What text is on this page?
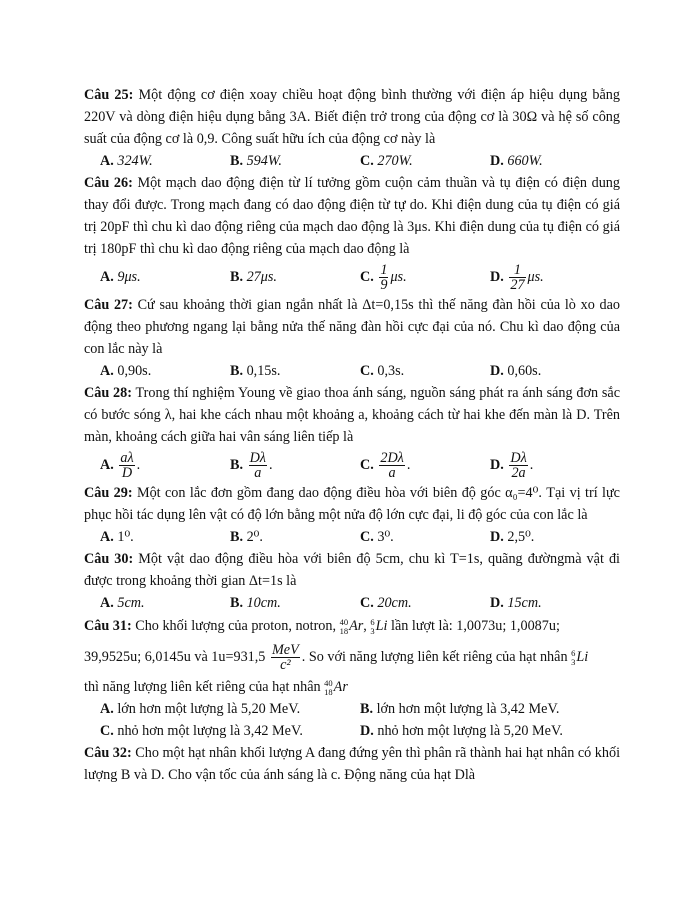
Câu 25: Một động cơ điện xoay chiều hoạt động bình thường với điện áp hiệu dụng bằng 220V và dòng điện hiệu dụng bằng 3A. Biết điện trở trong của động cơ là 30Ω và hệ số công suất của động cơ là 0,9. Công suất hữu ích của động cơ này là

A. 324W.	B. 594W.	C. 270W.	D. 660W.

Câu 26: Một mạch dao động điện từ lí tưởng gồm cuộn cảm thuần và tụ điện có điện dung thay đổi được. Trong mạch đang có dao động điện từ tự do. Khi điện dung của tụ điện có giá trị 20pF thì chu kì dao động riêng của mạch dao động là 3μs. Khi điện dung của tụ điện có giá trị 180pF thì chu kì dao động riêng của mạch dao động là

A. 9μs.	B. 27μs.	C. $\frac{1}{9} \mu s$.	D. $\frac{1}{27} \mu s$.

Câu 27: Cứ sau khoảng thời gian ngắn nhất là Δt=0,15s thì thế năng đàn hồi của lò xo dao động theo phương ngang lại bằng nửa thế năng đàn hồi cực đại của nó. Chu kì dao động của con lắc này là

A. 0,90s.	B. 0,15s.	C. 0,3s.	D. 0,60s.

Câu 28: Trong thí nghiệm Young về giao thoa ánh sáng, nguồn sáng phát ra ánh sáng đơn sắc có bước sóng λ, hai khe cách nhau một khoảng a, khoảng cách từ hai khe đến màn là D. Trên màn, khoảng cách giữa hai vân sáng liên tiếp là

A. $\frac{a\lambda}{D}$ .	B. $\frac{D\lambda}{a}$ .	C. $\frac{2D\lambda}{a}$ .	D. $\frac{D\lambda}{2a}$ .

Câu 29: Một con lắc đơn gồm đang dao động điều hòa với biên độ góc α₀=4⁰. Tại vị trí lực phục hồi tác dụng lên vật có độ lớn bằng một nửa độ lớn cực đại, li độ góc của con lắc là

A. 1⁰.	B. 2⁰.	C. 3⁰.	D. 2,5⁰.

Câu 30: Một vật dao động điều hòa với biên độ 5cm, chu kì T=1s, quãng đườngmà vật đi được trong khoảng thời gian Δt=1s là

A. 5cm.	B. 10cm.	C. 20cm.	D. 15cm.

Câu 31: Cho khối lượng của proton, notron, 40
18 Ar, 6
3 Li lần lượt là: 1,0073u; 1,0087u;

39,9525u; 6,0145u và $1u=931,5 \frac{\text{MeV}}{\text{c²}}$ . So với năng lượng liên kết riêng của hạt nhân 6
3 Li

thì năng lượng liên kết riêng của hạt nhân 40
18 Ar

A. lớn hơn một lượng là 5,20 MeV.	B. lớn hơn một lượng là 3,42 MeV.
C. nhỏ hơn một lượng là 3,42 MeV.	D. nhỏ hơn một lượng là 5,20 MeV.

Câu 32: Cho một hạt nhân khối lượng A đang đứng yên thì phân rã thành hai hạt nhân có khối lượng B và D. Cho vận tốc của ánh sáng là c. Động năng của hạt Dlà
